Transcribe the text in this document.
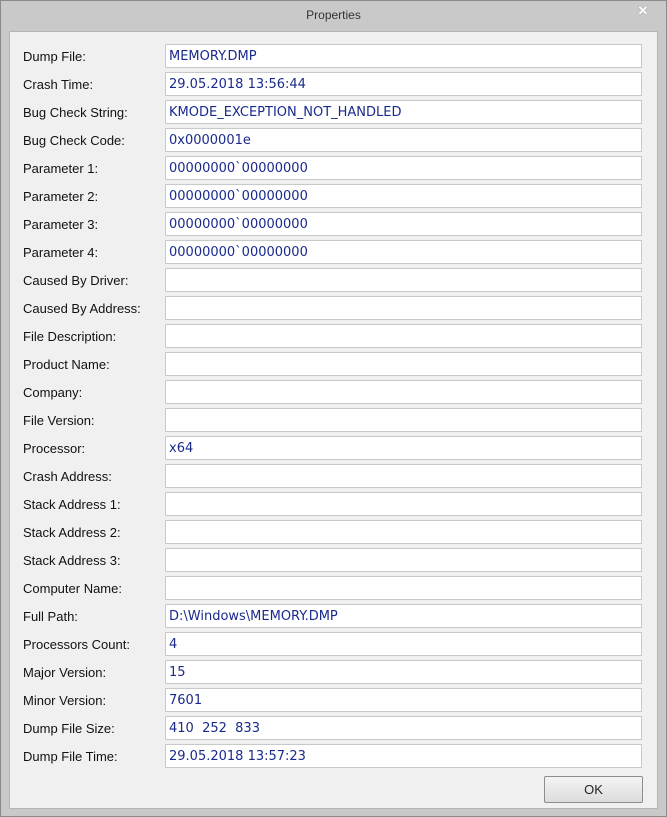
Properties	✕
OK
Dump File:	MEMORY.DMP
Crash Time:	29.05.2018 13:56:44
Bug Check String:	KMODE_EXCEPTION_NOT_HANDLED
Bug Check Code:	0x0000001e
Parameter 1:	00000000`00000000
Parameter 2:	00000000`00000000
Parameter 3:	00000000`00000000
Parameter 4:	00000000`00000000
Caused By Driver:
Caused By Address:
File Description:
Product Name:
Company:
File Version:
Processor:	x64
Crash Address:
Stack Address 1:
Stack Address 2:
Stack Address 3:
Computer Name:
Full Path:	D:\Windows\MEMORY.DMP
Processors Count:	4
Major Version:	15
Minor Version:	7601
Dump File Size:	410  252  833
Dump File Time:	29.05.2018 13:57:23
